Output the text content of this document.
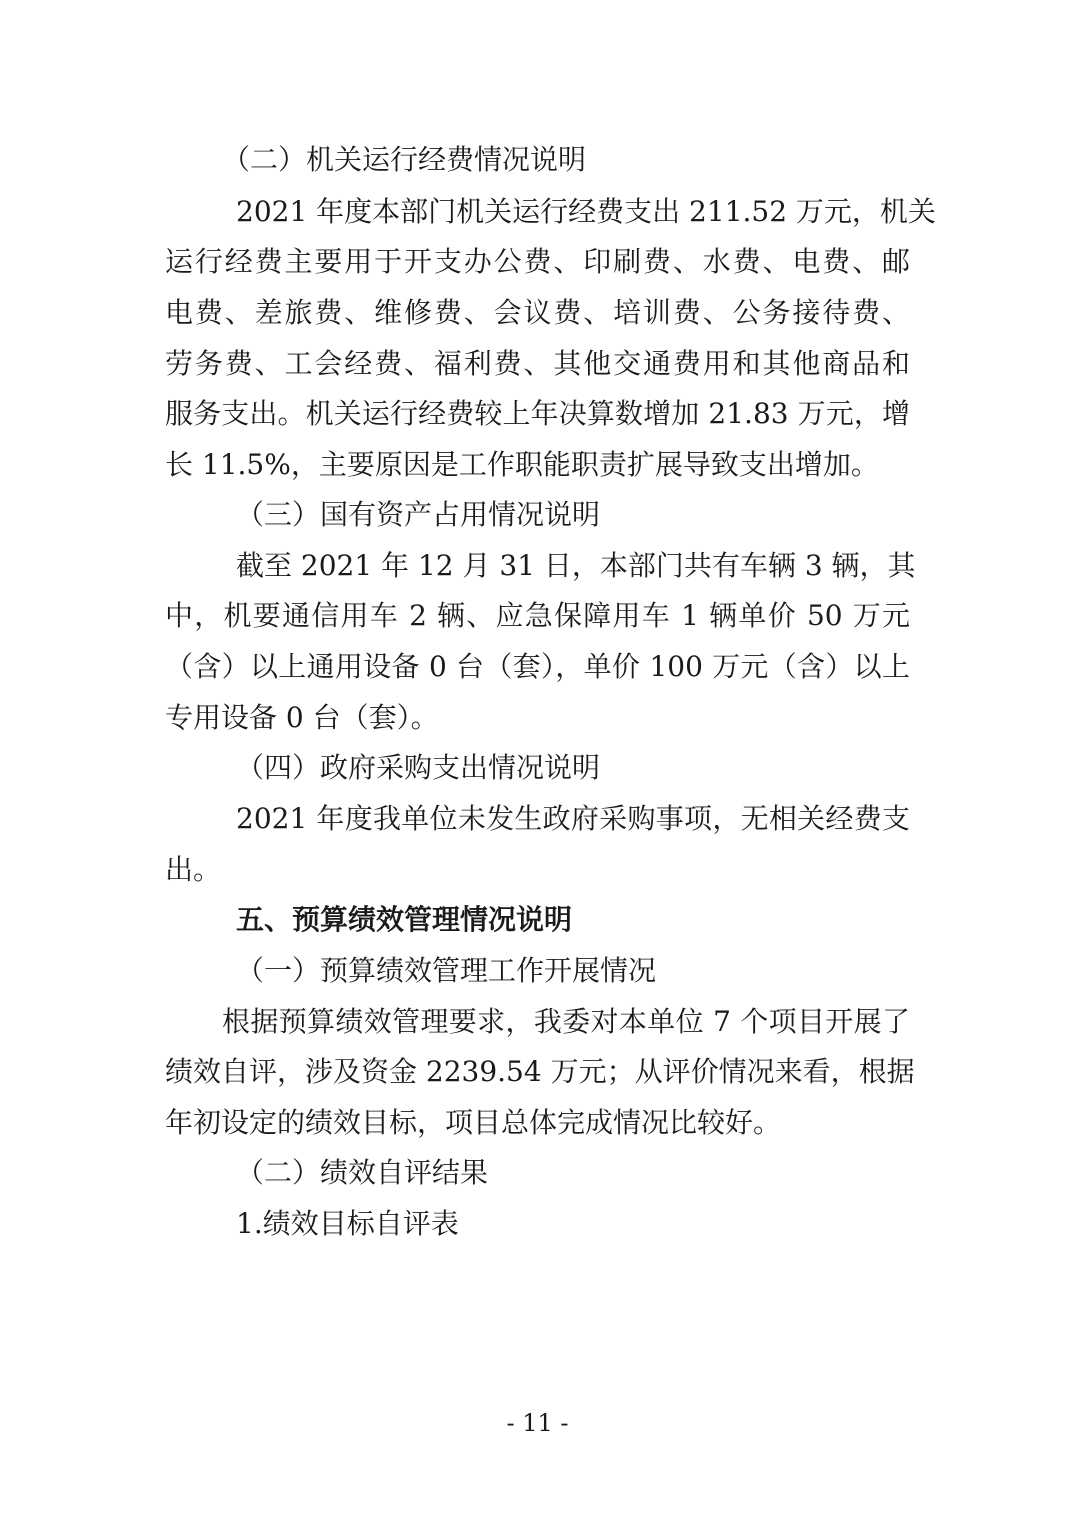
（二）机关运行经费情况说明
2021 年度本部门机关运行经费支出 211.52 万元，机关
运行经费主要用于开支办公费、印刷费、水费、电费、邮
电费、差旅费、维修费、会议费、培训费、公务接待费、
劳务费、工会经费、福利费、其他交通费用和其他商品和
服务支出。机关运行经费较上年决算数增加 21.83 万元，增
长 11.5%，主要原因是工作职能职责扩展导致支出增加。
（三）国有资产占用情况说明
截至 2021 年 12 月 31 日，本部门共有车辆 3 辆，其
中，机要通信用车 2 辆、应急保障用车 1 辆单价 50 万元
（含）以上通用设备 0 台（套），单价 100 万元（含）以上
专用设备 0 台（套）。
（四）政府采购支出情况说明
2021 年度我单位未发生政府采购事项，无相关经费支
出。
五、预算绩效管理情况说明
（一）预算绩效管理工作开展情况
根据预算绩效管理要求，我委对本单位 7 个项目开展了
绩效自评，涉及资金 2239.54 万元；从评价情况来看，根据
年初设定的绩效目标，项目总体完成情况比较好。
（二）绩效自评结果
1.绩效目标自评表
- 11 -
